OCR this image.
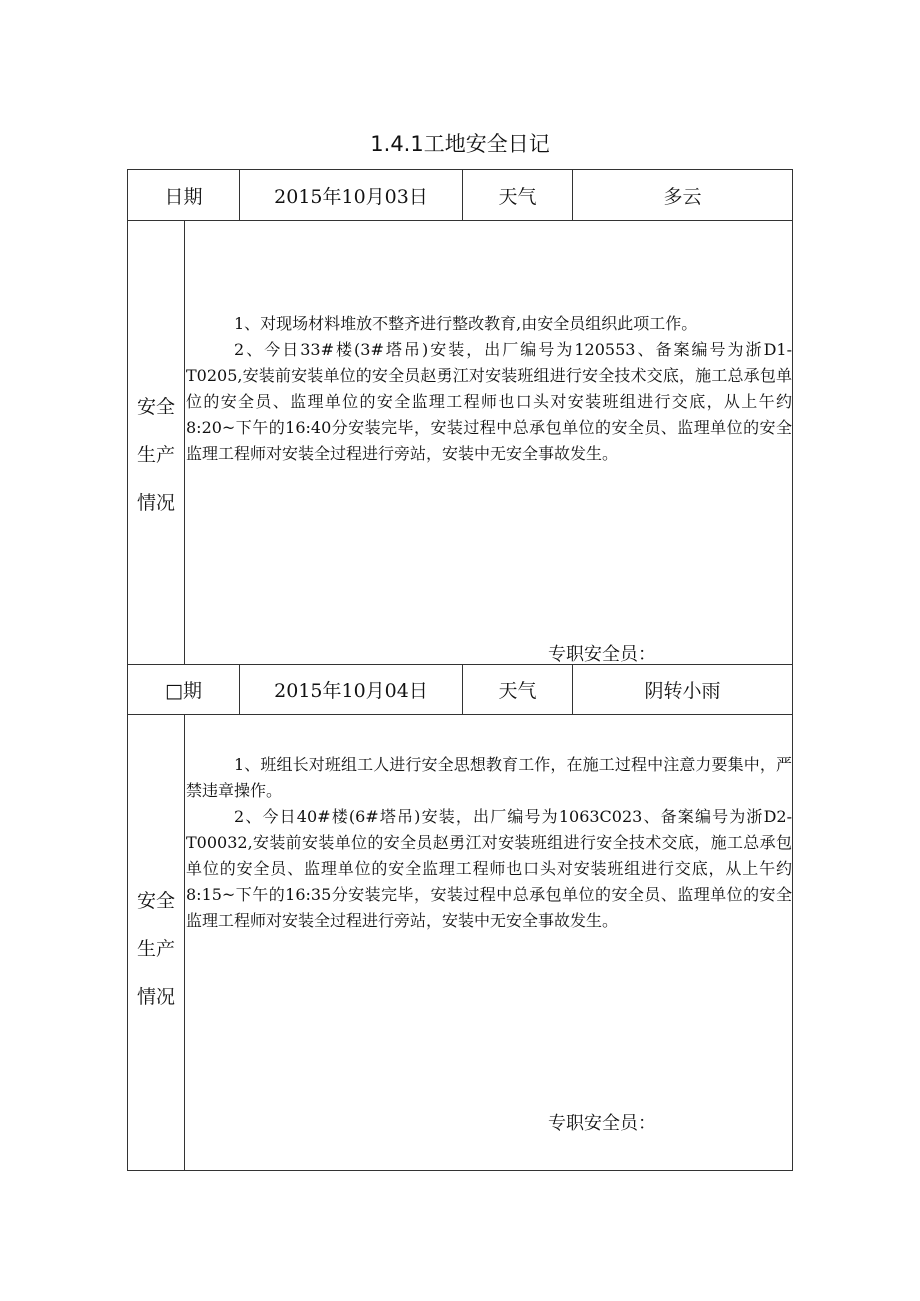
1.4.1工地安全日记
日期	2015年10月03日	天气	多云
安全
生产
情况

1、对现场材料堆放不整齐进行整改教育,由安全员组织此项工作。

2、今日33#楼(3#塔吊)安装，出厂编号为120553、备案编号为浙D1-T0205,安装前安装单位的安全员赵勇江对安装班组进行安全技术交底，施工总承包单位的安全员、监理单位的安全监理工程师也口头对安装班组进行交底，从上午约8:20~下午的16:40分安装完毕，安装过程中总承包单位的安全员、监理单位的安全监理工程师对安装全过程进行旁站，安装中无安全事故发生。

专职安全员：
□期	2015年10月04日	天气	阴转小雨
安全
生产
情况

1、班组长对班组工人进行安全思想教育工作，在施工过程中注意力要集中，严禁违章操作。

2、今日40#楼(6#塔吊)安装，出厂编号为1063C023、备案编号为浙D2-T00032,安装前安装单位的安全员赵勇江对安装班组进行安全技术交底，施工总承包单位的安全员、监理单位的安全监理工程师也口头对安装班组进行交底，从上午约8:15~下午的16:35分安装完毕，安装过程中总承包单位的安全员、监理单位的安全监理工程师对安装全过程进行旁站，安装中无安全事故发生。

专职安全员：
